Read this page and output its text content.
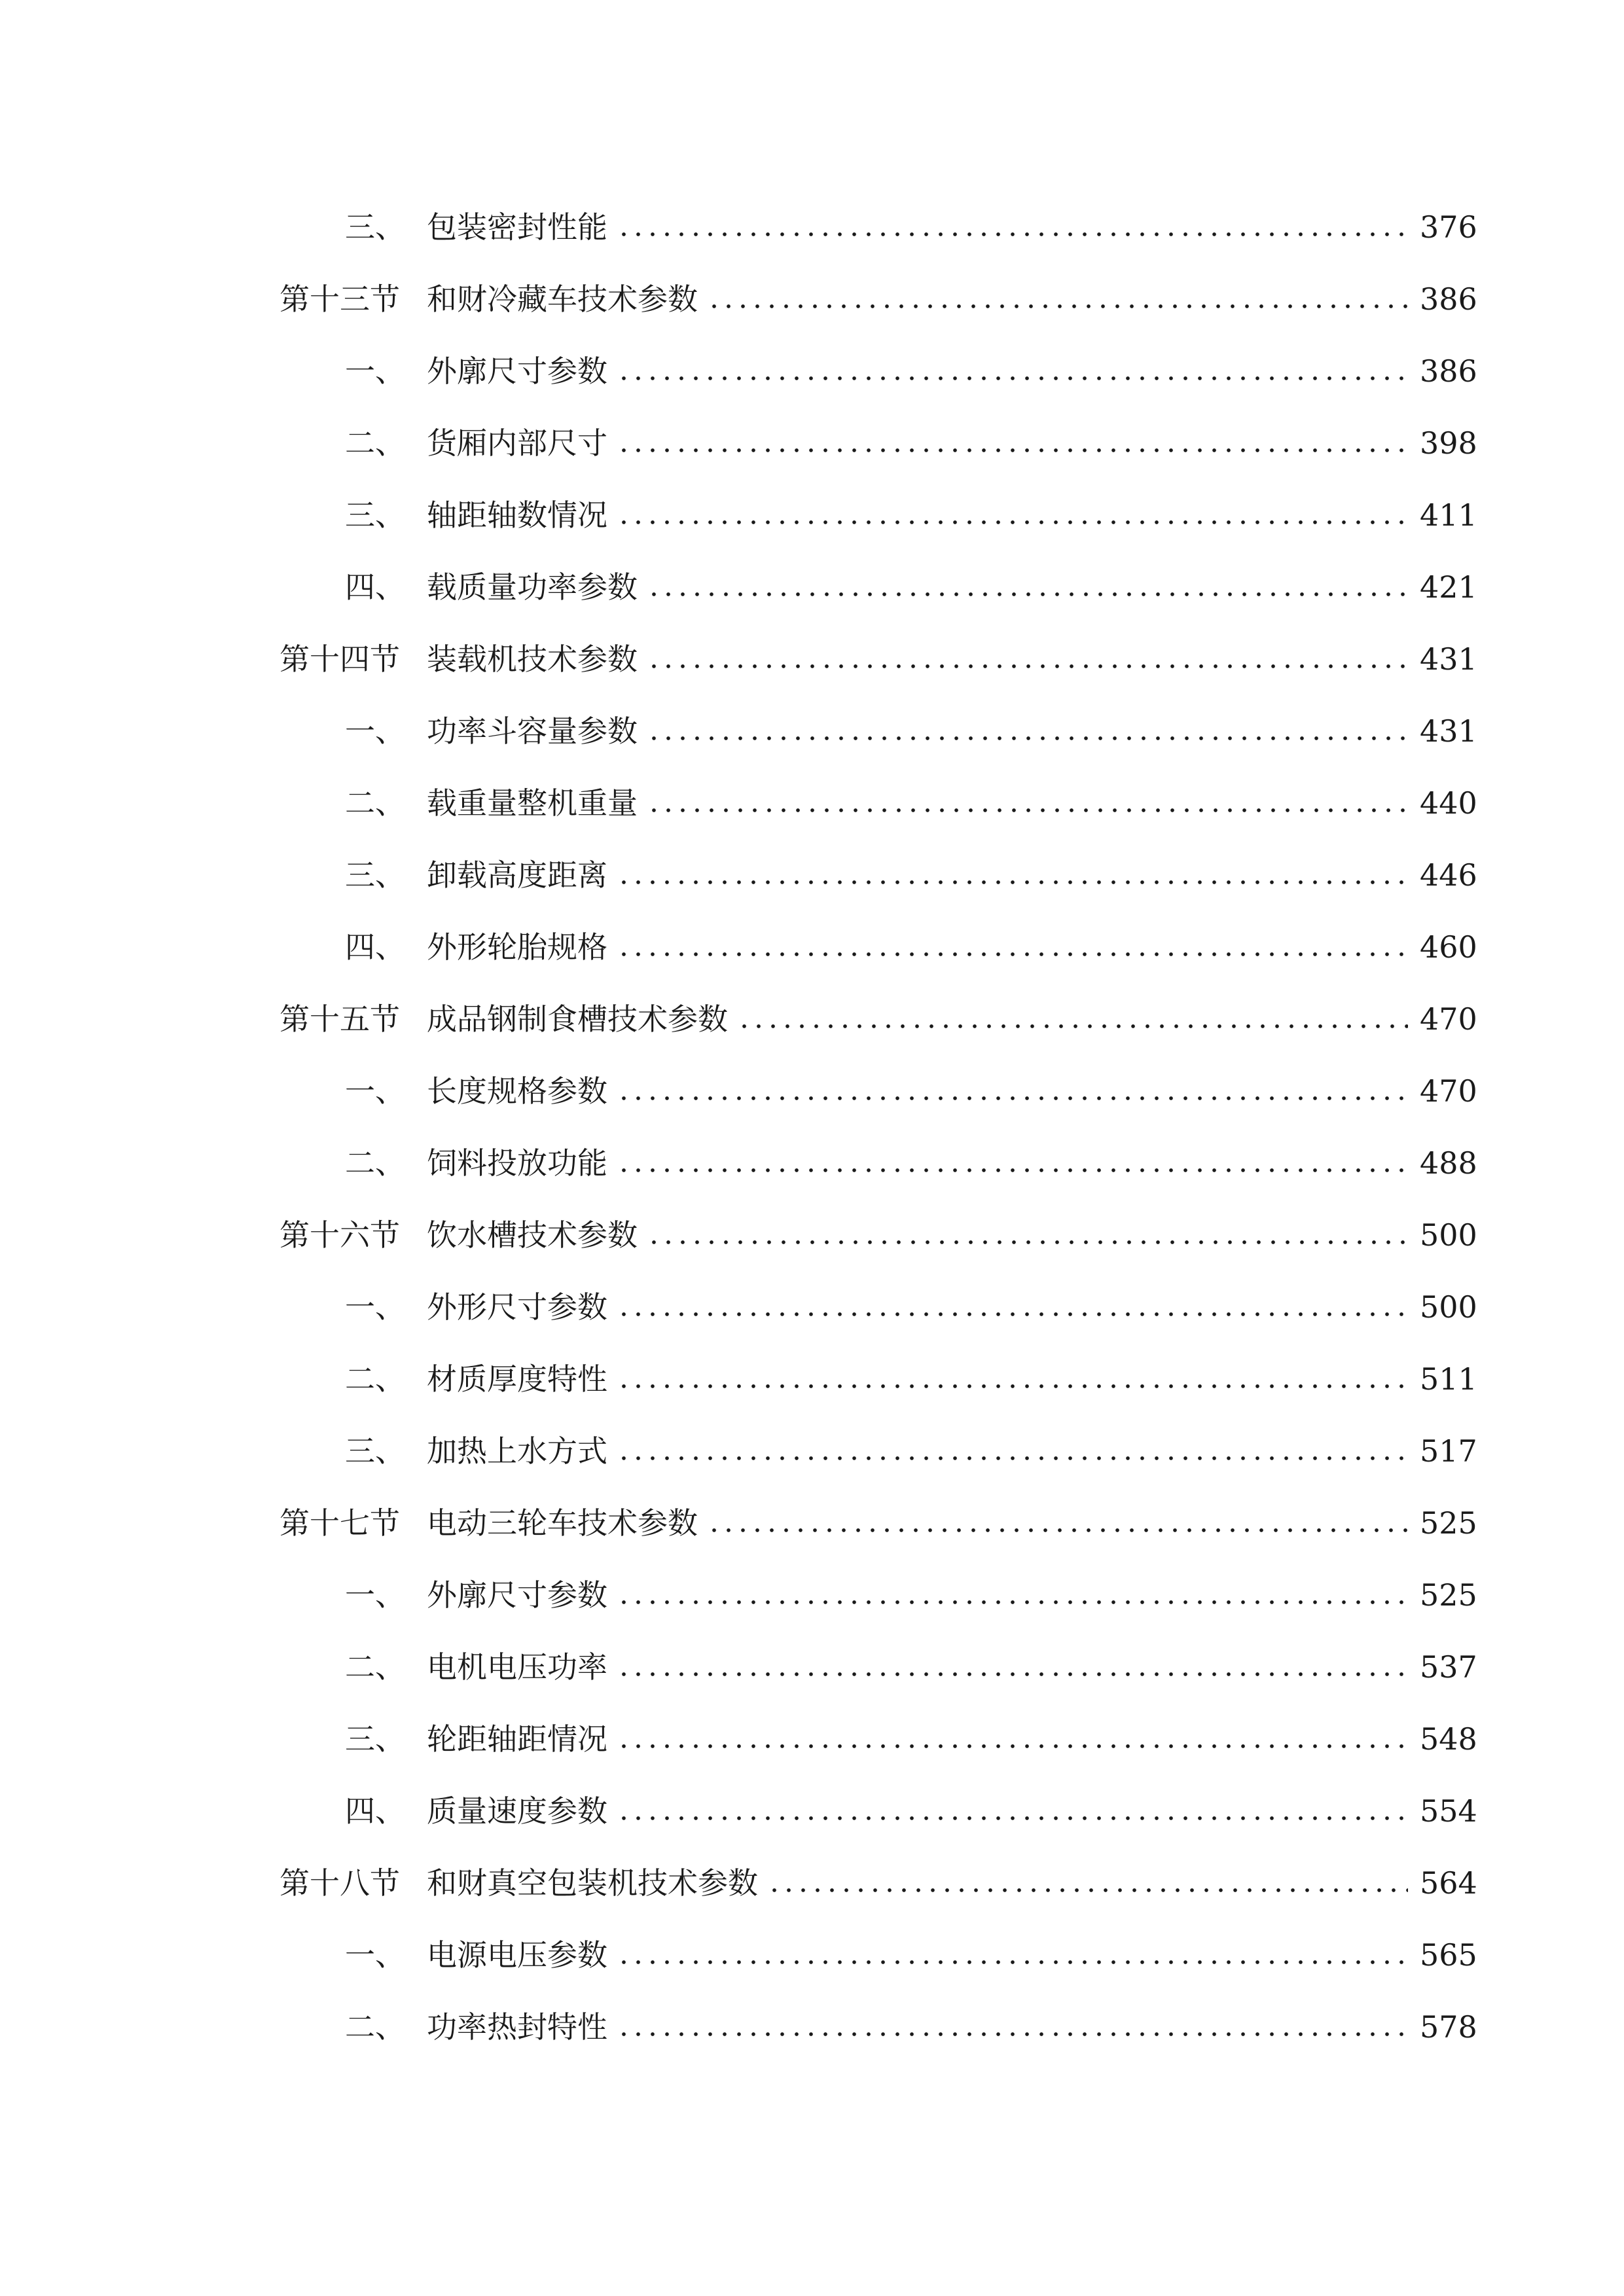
三、 包装密封性能	376
第十三节 和财冷藏车技术参数	386
一、 外廓尺寸参数	386
二、 货厢内部尺寸	398
三、 轴距轴数情况	411
四、 载质量功率参数	421
第十四节 装载机技术参数	431
一、 功率斗容量参数	431
二、 载重量整机重量	440
三、 卸载高度距离	446
四、 外形轮胎规格	460
第十五节 成品钢制食槽技术参数	470
一、 长度规格参数	470
二、 饲料投放功能	488
第十六节 饮水槽技术参数	500
一、 外形尺寸参数	500
二、 材质厚度特性	511
三、 加热上水方式	517
第十七节 电动三轮车技术参数	525
一、 外廓尺寸参数	525
二、 电机电压功率	537
三、 轮距轴距情况	548
四、 质量速度参数	554
第十八节 和财真空包装机技术参数	564
一、 电源电压参数	565
二、 功率热封特性	578
